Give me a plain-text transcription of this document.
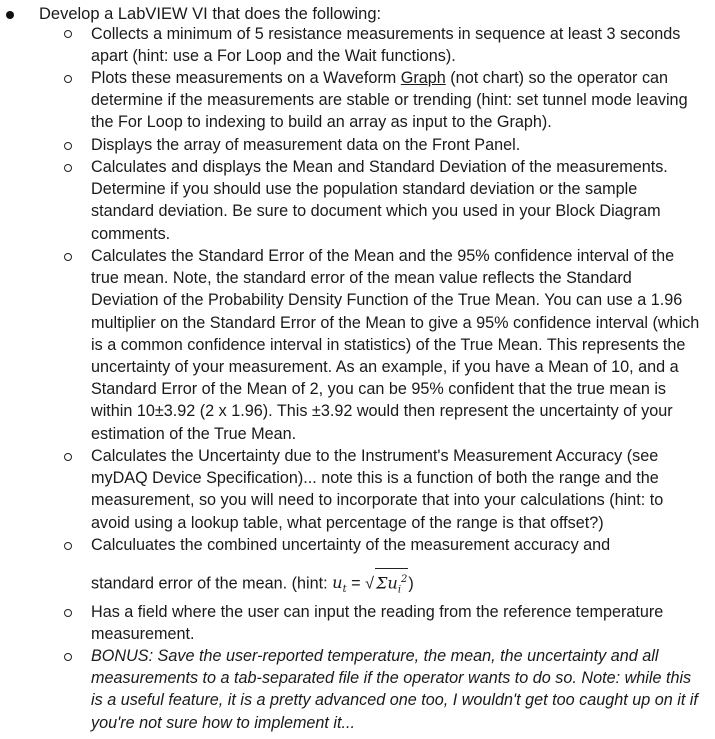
Develop a LabVIEW VI that does the following:
Collects a minimum of 5 resistance measurements in sequence at least 3 seconds apart (hint: use a For Loop and the Wait functions).
Plots these measurements on a Waveform Graph (not chart) so the operator can determine if the measurements are stable or trending (hint: set tunnel mode leaving the For Loop to indexing to build an array as input to the Graph).
Displays the array of measurement data on the Front Panel.
Calculates and displays the Mean and Standard Deviation of the measurements. Determine if you should use the population standard deviation or the sample standard deviation. Be sure to document which you used in your Block Diagram comments.
Calculates the Standard Error of the Mean and the 95% confidence interval of the true mean. Note, the standard error of the mean value reflects the Standard Deviation of the Probability Density Function of the True Mean. You can use a 1.96 multiplier on the Standard Error of the Mean to give a 95% confidence interval (which is a common confidence interval in statistics) of the True Mean. This represents the uncertainty of your measurement. As an example, if you have a Mean of 10, and a Standard Error of the Mean of 2, you can be 95% confident that the true mean is within 10±3.92 (2 x 1.96). This ±3.92 would then represent the uncertainty of your estimation of the True Mean.
Calculates the Uncertainty due to the Instrument's Measurement Accuracy (see myDAQ Device Specification)... note this is a function of both the range and the measurement, so you will need to incorporate that into your calculations (hint: to avoid using a lookup table, what percentage of the range is that offset?)
Calculuates the combined uncertainty of the measurement accuracy and
standard error of the mean. (hint: $u_t$ = √ $\Sigma u_i^2$)
Has a field where the user can input the reading from the reference temperature measurement.
BONUS: Save the user-reported temperature, the mean, the uncertainty and all measurements to a tab-separated file if the operator wants to do so. Note: while this is a useful feature, it is a pretty advanced one too, I wouldn't get too caught up on it if you're not sure how to implement it...
